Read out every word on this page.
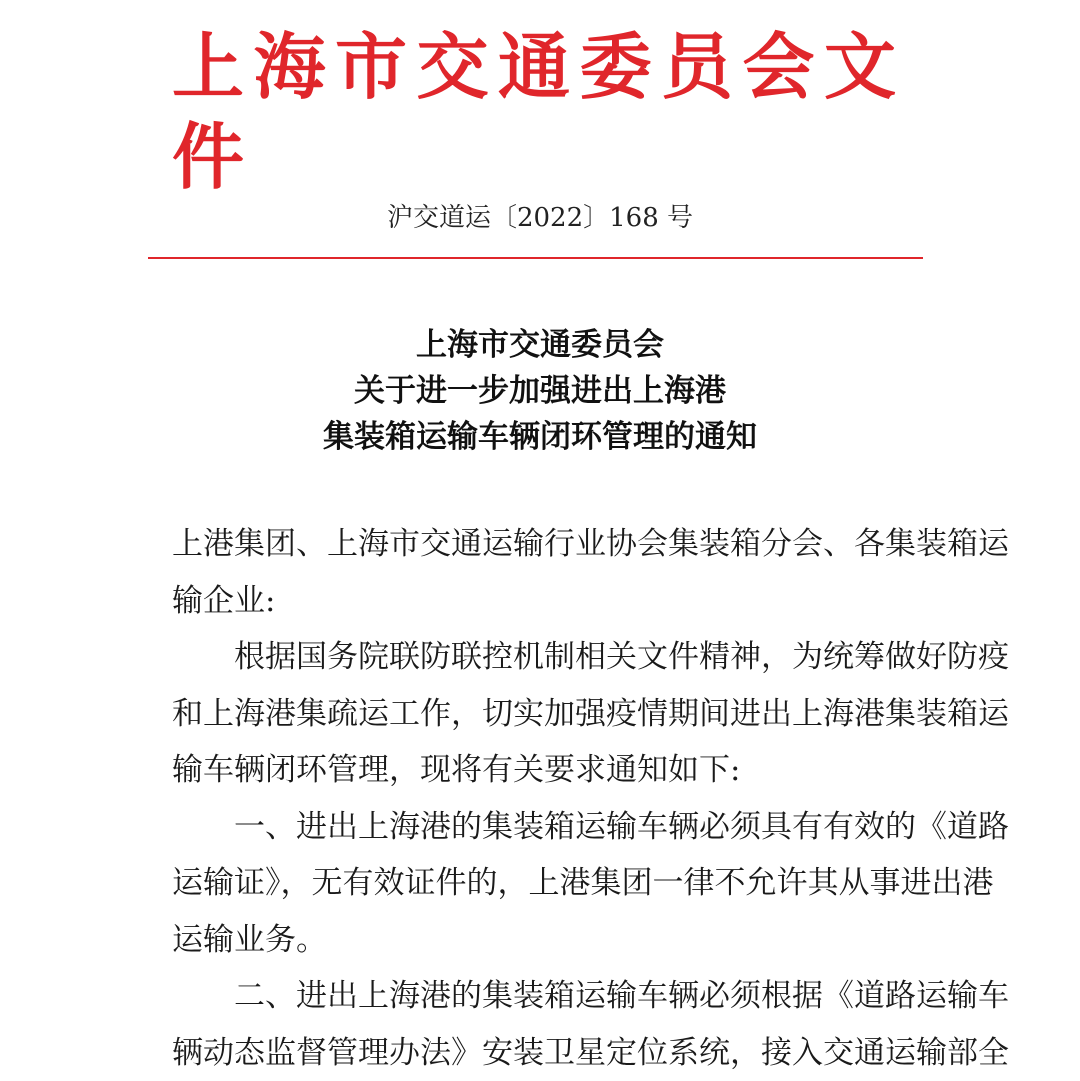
上海市交通委员会文件
沪交道运〔2022〕168 号
上海市交通委员会
关于进一步加强进出上海港
集装箱运输车辆闭环管理的通知
上港集团、上海市交通运输行业协会集装箱分会、各集装箱运
输企业:
根据国务院联防联控机制相关文件精神，为统筹做好防疫
和上海港集疏运工作，切实加强疫情期间进出上海港集装箱运
输车辆闭环管理，现将有关要求通知如下:
一、进出上海港的集装箱运输车辆必须具有有效的《道路
运输证》，无有效证件的，上港集团一律不允许其从事进出港
运输业务。
二、进出上海港的集装箱运输车辆必须根据《道路运输车
辆动态监督管理办法》安装卫星定位系统，接入交通运输部全
